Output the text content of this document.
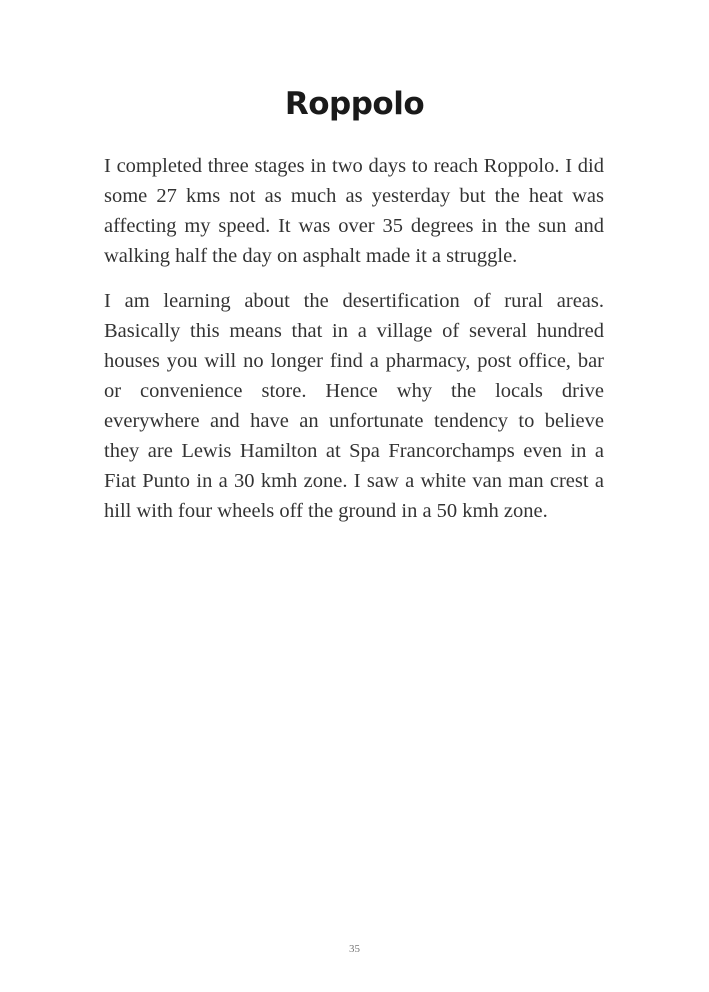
Roppolo

I completed three stages in two days to reach Roppolo. I did some 27 kms not as much as yesterday but the heat was affecting my speed. It was over 35 degrees in the sun and walking half the day on asphalt made it a struggle.

I am learning about the desertification of rural areas. Basically this means that in a village of several hundred houses you will no longer find a pharmacy, post office, bar or convenience store. Hence why the locals drive everywhere and have an unfortunate tendency to believe they are Lewis Hamilton at Spa Francorchamps even in a Fiat Punto in a 30 kmh zone. I saw a white van man crest a hill with four wheels off the ground in a 50 kmh zone.

35
